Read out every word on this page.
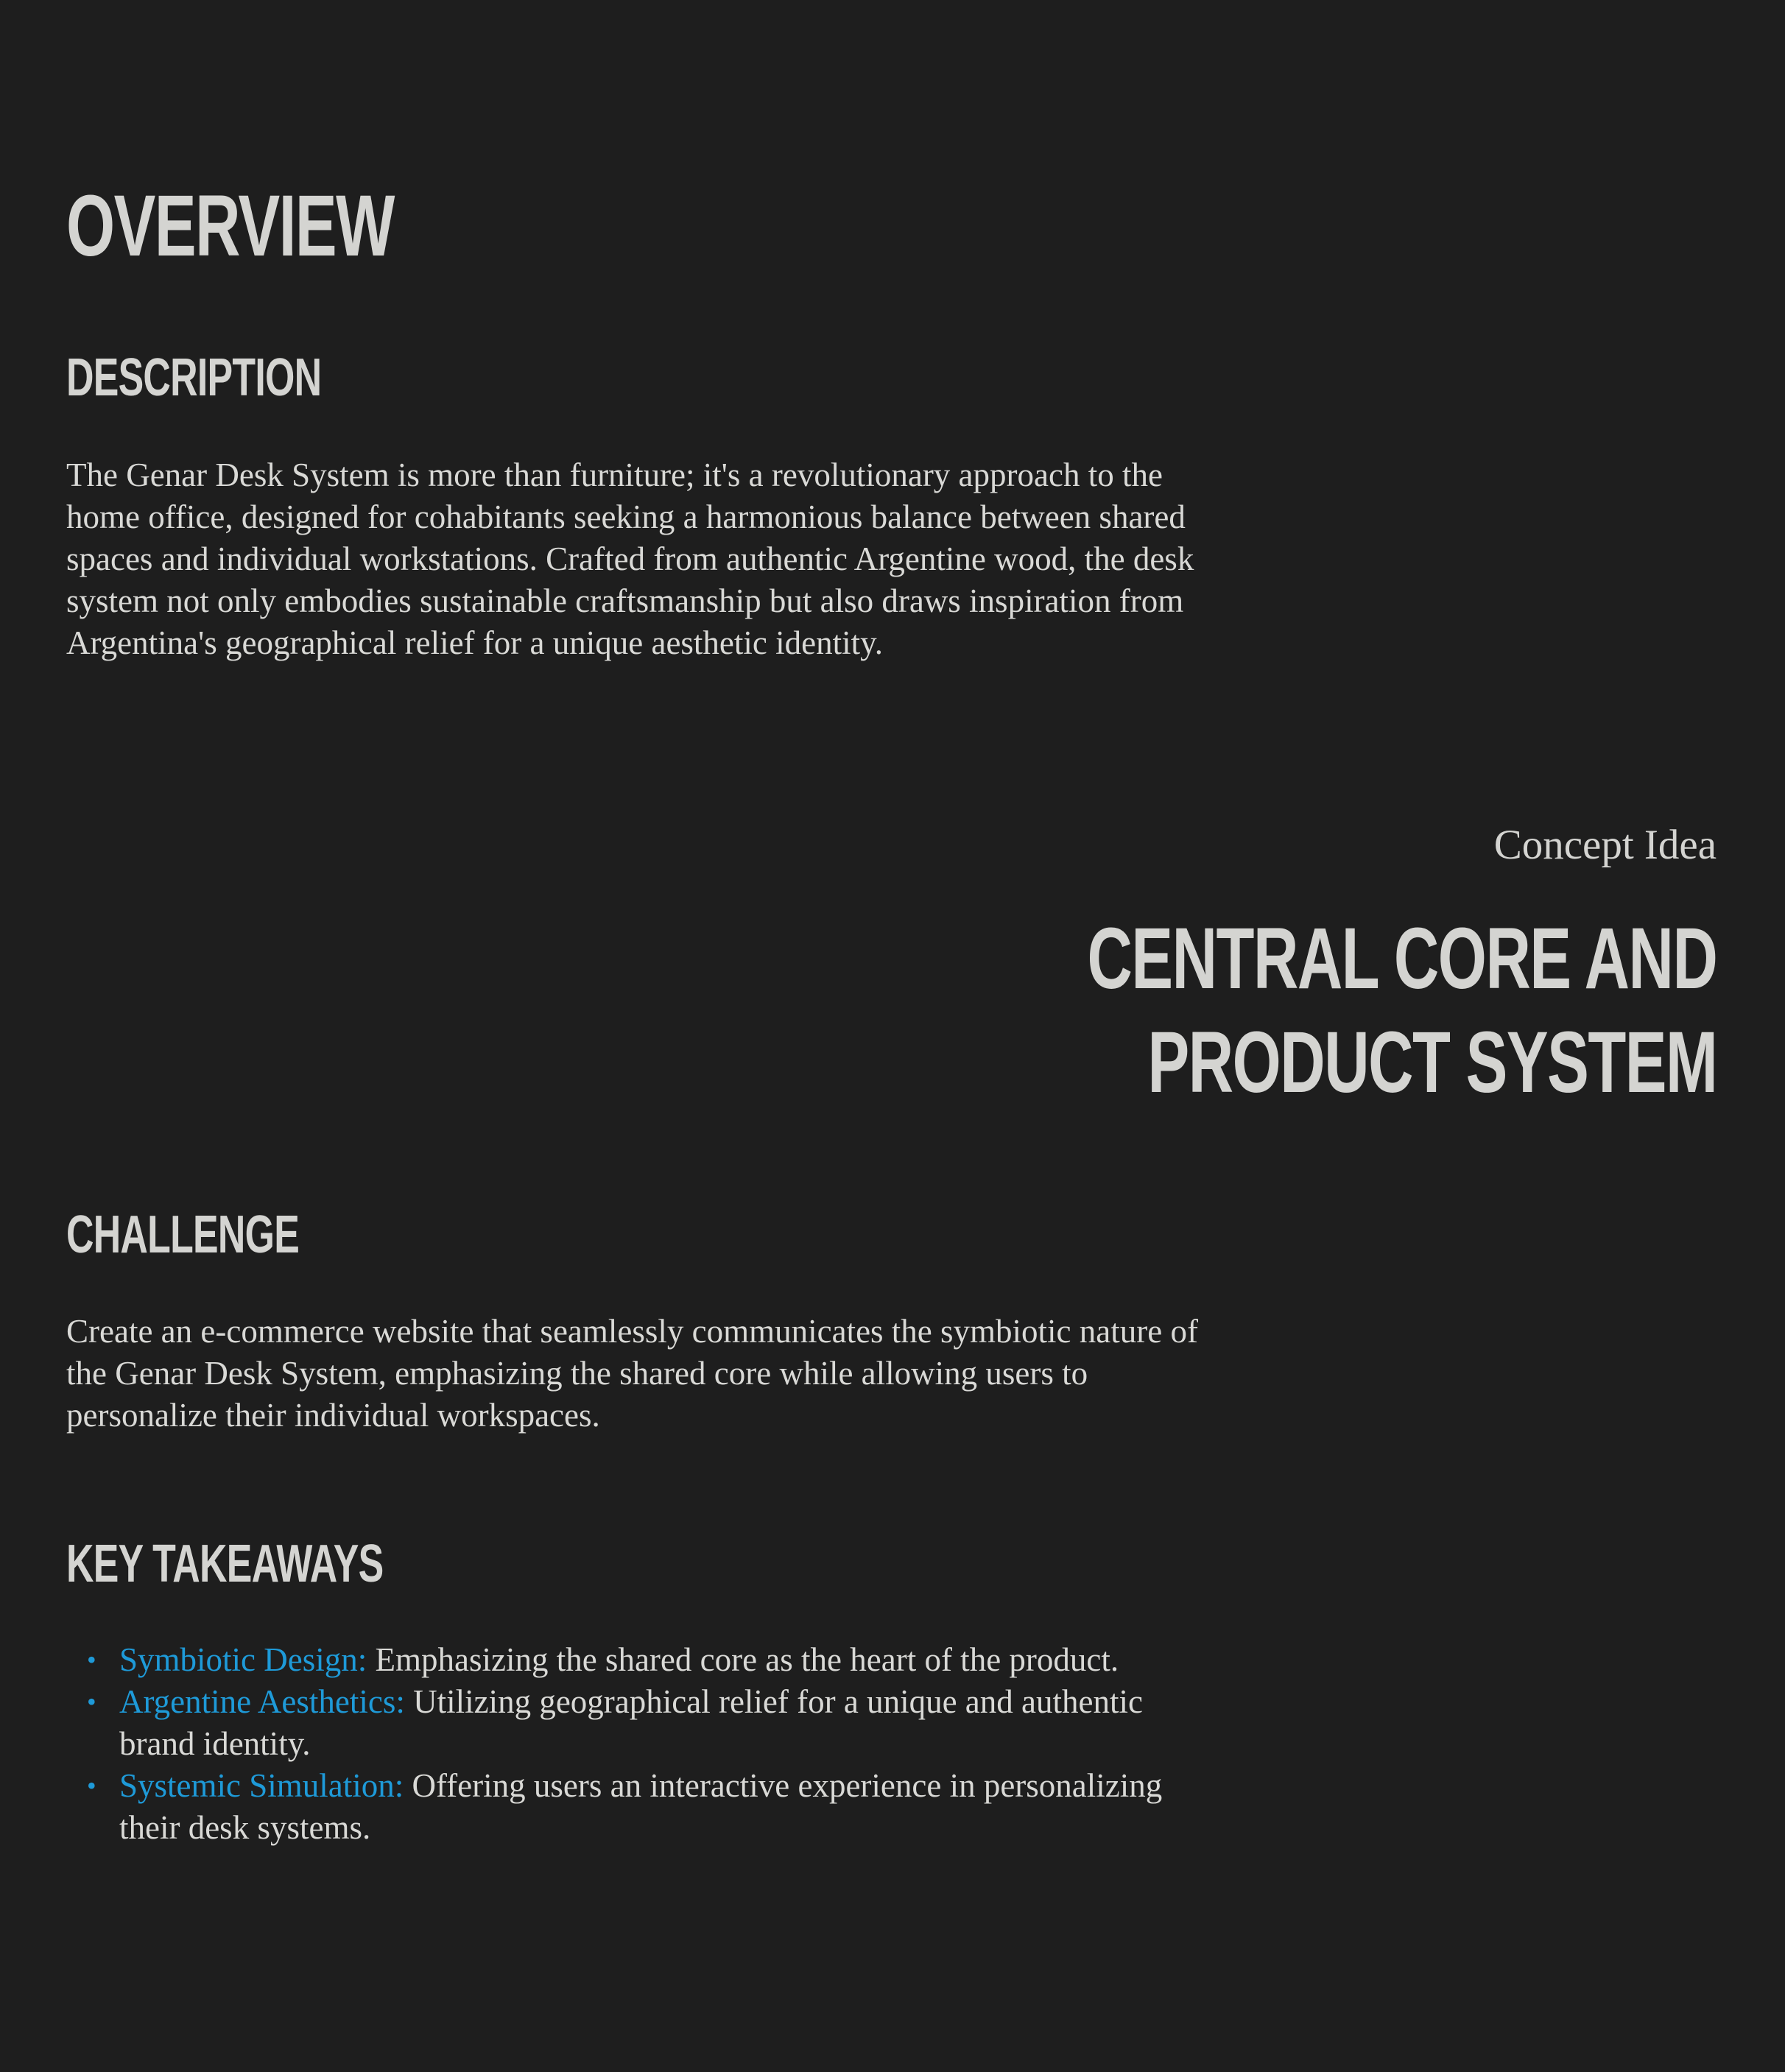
OVERVIEW
DESCRIPTION

The Genar Desk System is more than furniture; it's a revolutionary approach to the home office, designed for cohabitants seeking a harmonious balance between shared spaces and individual workstations. Crafted from authentic Argentine wood, the desk system not only embodies sustainable craftsmanship but also draws inspiration from Argentina's geographical relief for a unique aesthetic identity.

Concept Idea

CENTRAL CORE AND
PRODUCT SYSTEM
CHALLENGE

Create an e-commerce website that seamlessly communicates the symbiotic nature of the Genar Desk System, emphasizing the shared core while allowing users to personalize their individual workspaces.

KEY TAKEAWAYS
• Symbiotic Design: Emphasizing the shared core as the heart of the product.
• Argentine Aesthetics: Utilizing geographical relief for a unique and authentic brand identity.
• Systemic Simulation: Offering users an interactive experience in personalizing their desk systems.
